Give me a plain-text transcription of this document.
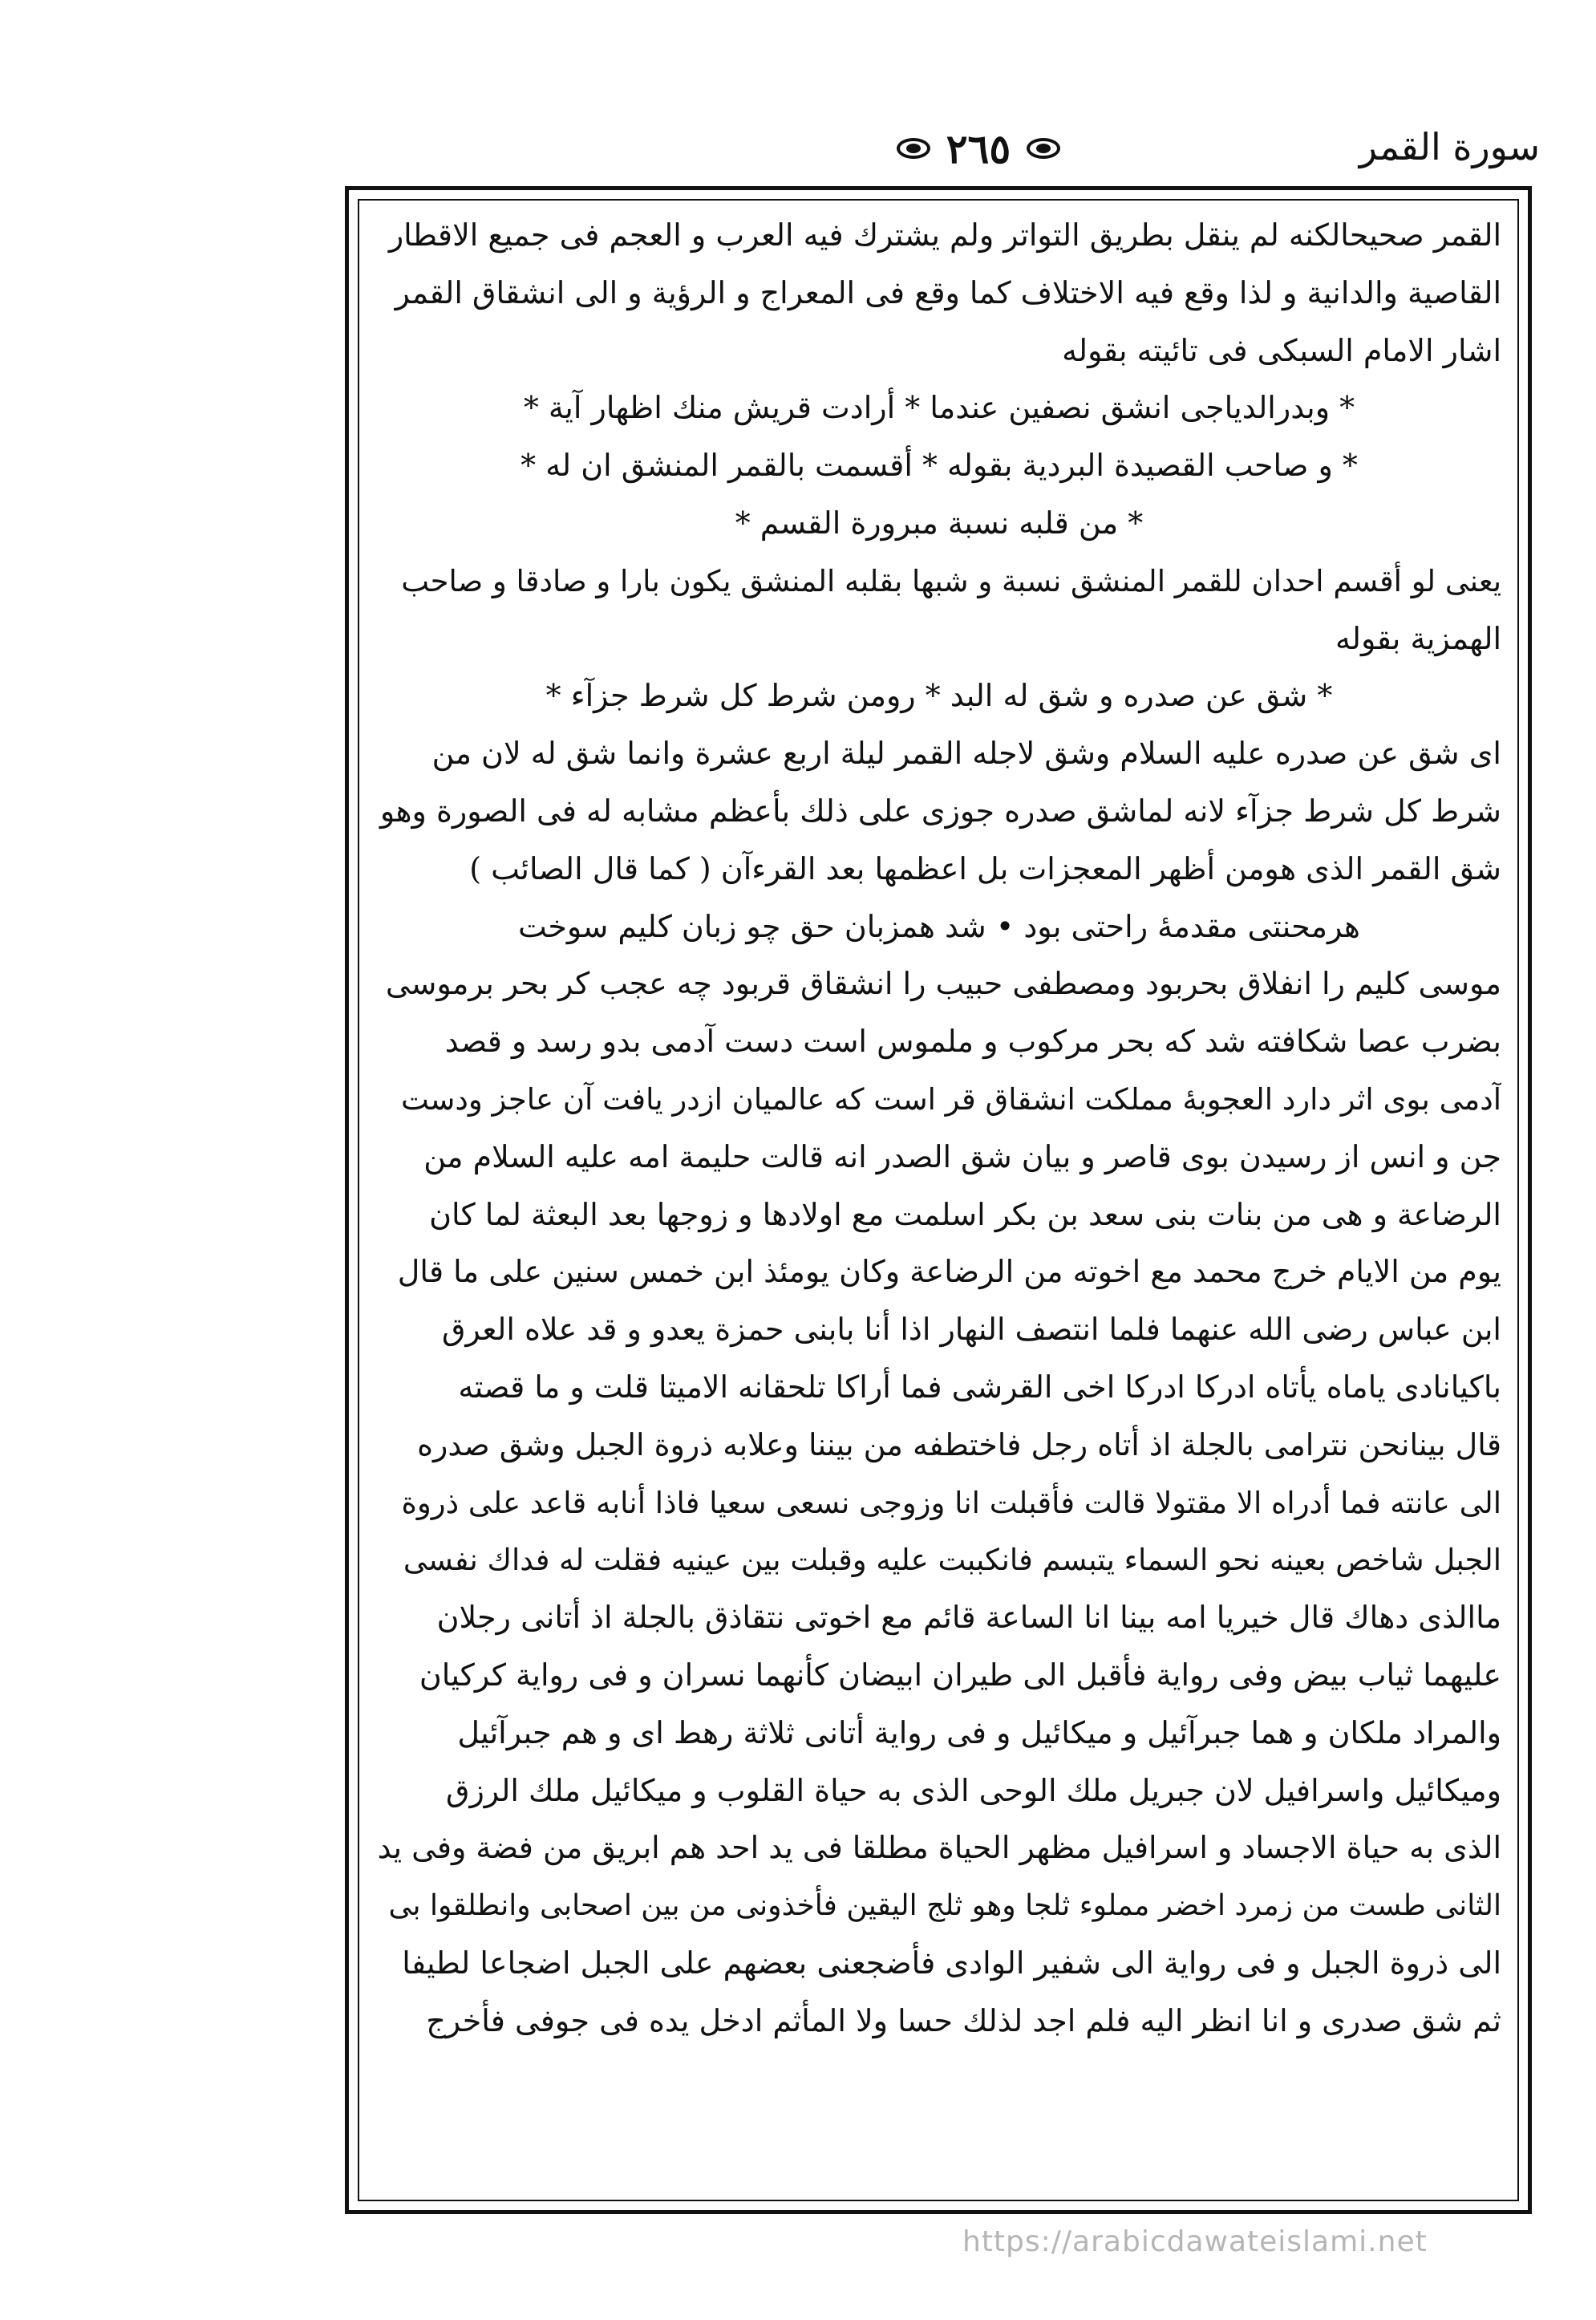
سورة القمر
٢٦٥
القمر صحيحالكنه لم ينقل بطريق التواتر ولم يشترك فيه العرب و العجم فى جميع الاقطار
القاصية والدانية و لذا وقع فيه الاختلاف كما وقع فى المعراج و الرؤية و الى انشقاق القمر
اشار الامام السبكى فى تائيته بقوله
* وبدرالدياجى انشق نصفين عندما * أرادت قريش منك اظهار آية *
* و صاحب القصيدة البردية بقوله * أقسمت بالقمر المنشق ان له *
* من قلبه نسبة مبرورة القسم *
يعنى لو أقسم احدان للقمر المنشق نسبة و شبها بقلبه المنشق يكون بارا و صادقا و صاحب
الهمزية بقوله
* شق عن صدره و شق له البد * رومن شرط كل شرط جزآء *
اى شق عن صدره عليه السلام وشق لاجله القمر ليلة اربع عشرة وانما شق له لان من
شرط كل شرط جزآء لانه لماشق صدره جوزى على ذلك بأعظم مشابه له فى الصورة وهو
شق القمر الذى هومن أظهر المعجزات بل اعظمها بعد القرءآن ( كما قال الصائب )
هرمحنتى مقدمهٔ راحتى بود • شد همزبان حق چو زبان كليم سوخت
موسى كليم را انفلاق بحربود ومصطفى حبيب را انشقاق قربود چه عجب كر بحر برموسى
بضرب عصا شكافته شد كه بحر مركوب و ملموس است دست آدمى بدو رسد و قصد
آدمى بوى اثر دارد العجوبهٔ مملكت انشقاق قر است كه عالميان ازدر يافت آن عاجز ودست
جن و انس از رسيدن بوى قاصر و بيان شق الصدر انه قالت حليمة امه عليه السلام من
الرضاعة و هى من بنات بنى سعد بن بكر اسلمت مع اولادها و زوجها بعد البعثة لما كان
يوم من الايام خرج محمد مع اخوته من الرضاعة وكان يومئذ ابن خمس سنين على ما قال
ابن عباس رضى الله عنهما فلما انتصف النهار اذا أنا بابنى حمزة يعدو و قد علاه العرق
باكيانادى ياماه يأتاه ادركا ادركا اخى القرشى فما أراكا تلحقانه الاميتا قلت و ما قصته
قال بينانحن نترامى بالجلة اذ أتاه رجل فاختطفه من بيننا وعلابه ذروة الجبل وشق صدره
الى عانته فما أدراه الا مقتولا قالت فأقبلت انا وزوجى نسعى سعيا فاذا أنابه قاعد على ذروة
الجبل شاخص بعينه نحو السماء يتبسم فانكببت عليه وقبلت بين عينيه فقلت له فداك نفسى
ماالذى دهاك قال خيريا امه بينا انا الساعة قائم مع اخوتى نتقاذق بالجلة اذ أتانى رجلان
عليهما ثياب بيض وفى رواية فأقبل الى طيران ابيضان كأنهما نسران و فى رواية كركيان
والمراد ملكان و هما جبرآئيل و ميكائيل و فى رواية أتانى ثلاثة رهط اى و هم جبرآئيل
وميكائيل واسرافيل لان جبريل ملك الوحى الذى به حياة القلوب و ميكائيل ملك الرزق
الذى به حياة الاجساد و اسرافيل مظهر الحياة مطلقا فى يد احد هم ابريق من فضة وفى يد
الثانى طست من زمرد اخضر مملوء ثلجا وهو ثلج اليقين فأخذونى من بين اصحابى وانطلقوا بى
الى ذروة الجبل و فى رواية الى شفير الوادى فأضجعنى بعضهم على الجبل اضجاعا لطيفا
ثم شق صدرى و انا انظر اليه فلم اجد لذلك حسا ولا المأثم ادخل يده فى جوفى فأخرج
https://arabicdawateislami.net
